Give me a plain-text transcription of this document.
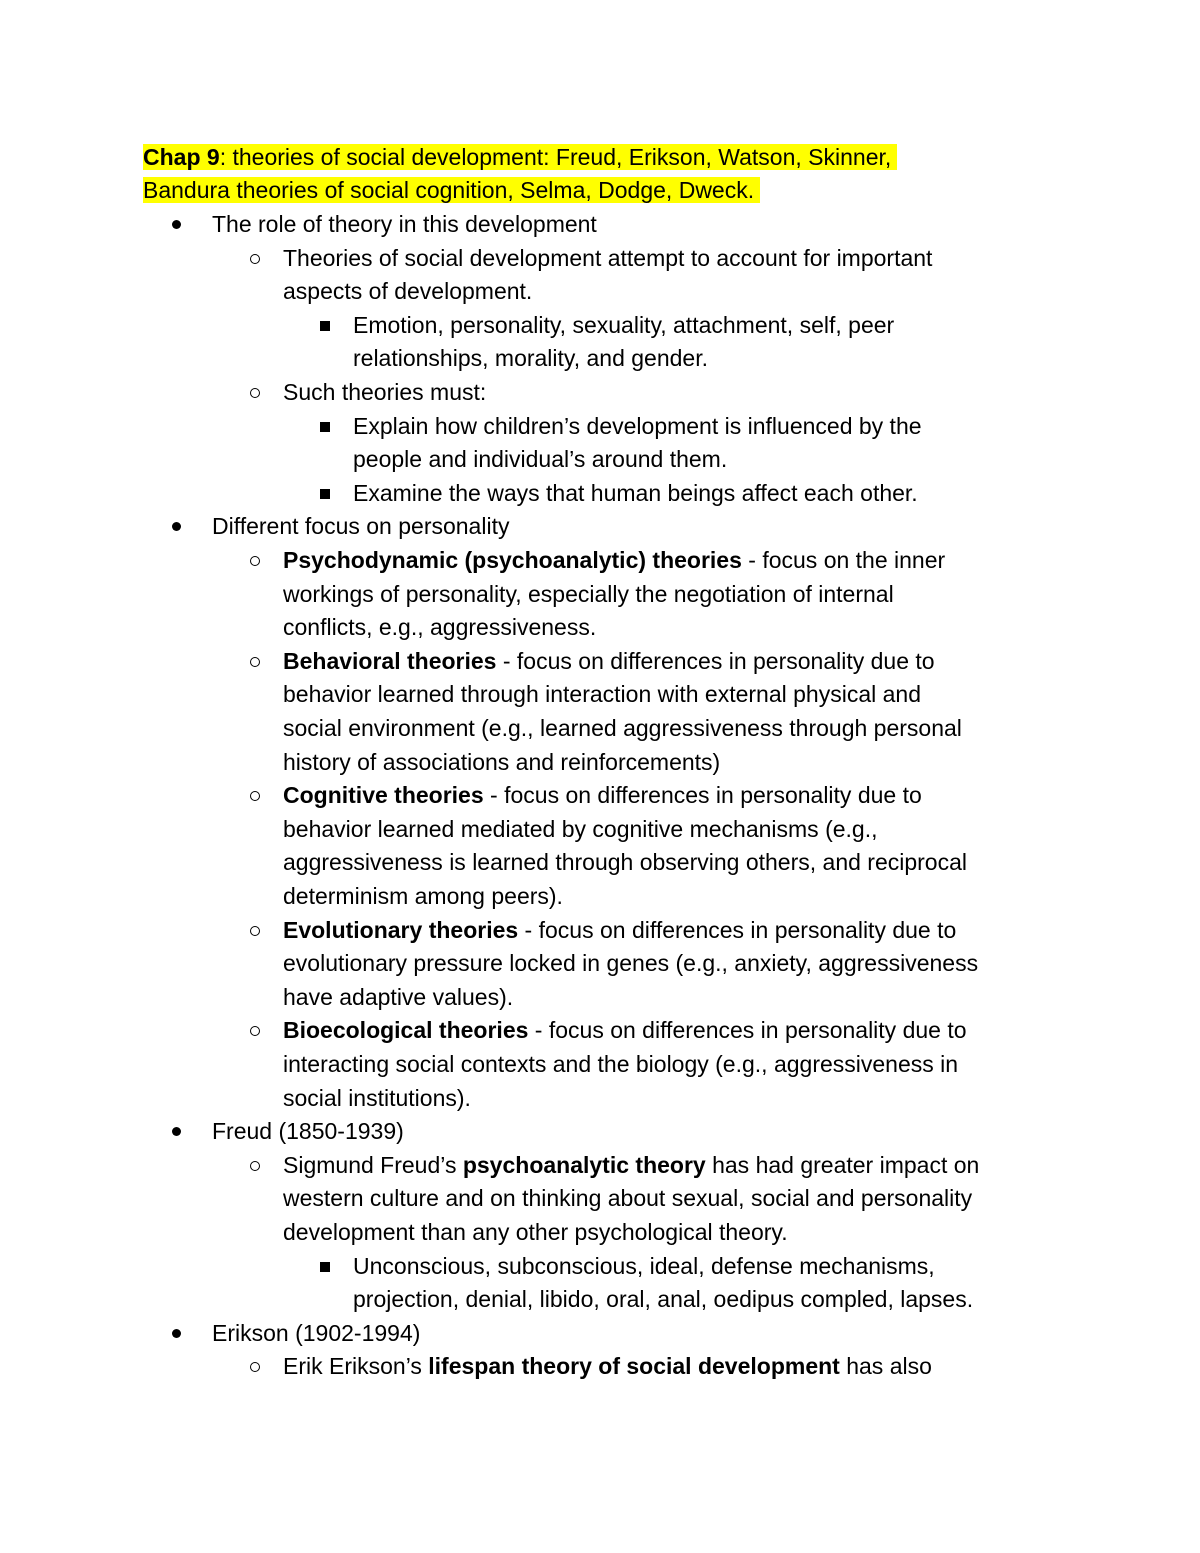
Chap 9: theories of social development: Freud, Erikson, Watson, Skinner,
Bandura theories of social cognition, Selma, Dodge, Dweck.
The role of theory in this development
Theories of social development attempt to account for important
aspects of development.
Emotion, personality, sexuality, attachment, self, peer
relationships, morality, and gender.
Such theories must:
Explain how children’s development is influenced by the
people and individual’s around them.
Examine the ways that human beings affect each other.
Different focus on personality
Psychodynamic (psychoanalytic) theories - focus on the inner
workings of personality, especially the negotiation of internal
conflicts, e.g., aggressiveness.
Behavioral theories - focus on differences in personality due to
behavior learned through interaction with external physical and
social environment (e.g., learned aggressiveness through personal
history of associations and reinforcements)
Cognitive theories - focus on differences in personality due to
behavior learned mediated by cognitive mechanisms (e.g.,
aggressiveness is learned through observing others, and reciprocal
determinism among peers).
Evolutionary theories - focus on differences in personality due to
evolutionary pressure locked in genes (e.g., anxiety, aggressiveness
have adaptive values).
Bioecological theories - focus on differences in personality due to
interacting social contexts and the biology (e.g., aggressiveness in
social institutions).
Freud (1850-1939)
Sigmund Freud’s psychoanalytic theory has had greater impact on
western culture and on thinking about sexual, social and personality
development than any other psychological theory.
Unconscious, subconscious, ideal, defense mechanisms,
projection, denial, libido, oral, anal, oedipus compled, lapses.
Erikson (1902-1994)
Erik Erikson’s lifespan theory of social development has also
